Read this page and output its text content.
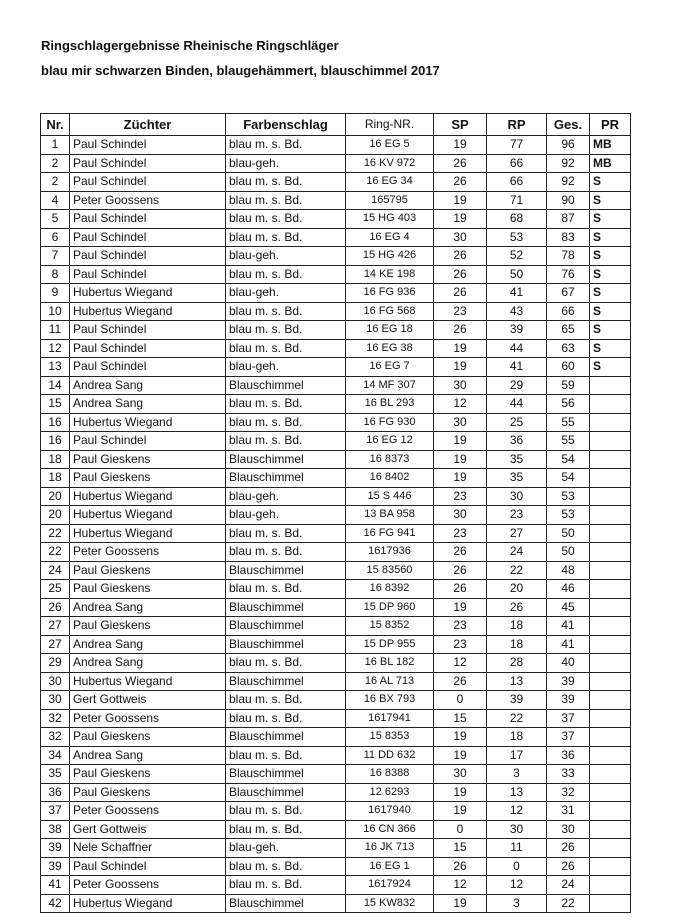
Ringschlagergebnisse Rheinische Ringschläger
blau mir schwarzen Binden, blaugehämmert, blauschimmel 2017
Nr.	Züchter	Farbenschlag	Ring-NR.	SP	RP	Ges.	PR
1	Paul Schindel	blau m. s. Bd.	16 EG 5	19	77	96	MB
2	Paul Schindel	blau-geh.	16 KV 972	26	66	92	MB
2	Paul Schindel	blau m. s. Bd.	16 EG 34	26	66	92	S
4	Peter Goossens	blau m. s. Bd.	165795	19	71	90	S
5	Paul Schindel	blau m. s. Bd.	15 HG 403	19	68	87	S
6	Paul Schindel	blau m. s. Bd.	16 EG 4	30	53	83	S
7	Paul Schindel	blau-geh.	15 HG 426	26	52	78	S
8	Paul Schindel	blau m. s. Bd.	14 KE 198	26	50	76	S
9	Hubertus Wiegand	blau-geh.	16 FG 936	26	41	67	S
10	Hubertus Wiegand	blau m. s. Bd.	16 FG 568	23	43	66	S
11	Paul Schindel	blau m. s. Bd.	16 EG 18	26	39	65	S
12	Paul Schindel	blau m. s. Bd.	16 EG 38	19	44	63	S
13	Paul Schindel	blau-geh.	16 EG 7	19	41	60	S
14	Andrea Sang	Blauschimmel	14 MF 307	30	29	59	
15	Andrea Sang	blau m. s. Bd.	16 BL 293	12	44	56	
16	Hubertus Wiegand	blau m. s. Bd.	16 FG 930	30	25	55	
16	Paul Schindel	blau m. s. Bd.	16 EG 12	19	36	55	
18	Paul Gieskens	Blauschimmel	16 8373	19	35	54	
18	Paul Gieskens	Blauschimmel	16 8402	19	35	54	
20	Hubertus Wiegand	blau-geh.	15 S 446	23	30	53	
20	Hubertus Wiegand	blau-geh.	13 BA 958	30	23	53	
22	Hubertus Wiegand	blau m. s. Bd.	16 FG 941	23	27	50	
22	Peter Goossens	blau m. s. Bd.	1617936	26	24	50	
24	Paul Gieskens	Blauschimmel	15 83560	26	22	48	
25	Paul Gieskens	blau m. s. Bd.	16 8392	26	20	46	
26	Andrea Sang	Blauschimmel	15 DP 960	19	26	45	
27	Paul Gieskens	Blauschimmel	15 8352	23	18	41	
27	Andrea Sang	Blauschimmel	15 DP 955	23	18	41	
29	Andrea Sang	blau m. s. Bd.	16 BL 182	12	28	40	
30	Hubertus Wiegand	Blauschimmel	16 AL 713	26	13	39	
30	Gert Gottweis	blau m. s. Bd.	16 BX 793	0	39	39	
32	Peter Goossens	blau m. s. Bd.	1617941	15	22	37	
32	Paul Gieskens	Blauschimmel	15 8353	19	18	37	
34	Andrea Sang	blau m. s. Bd.	11 DD 632	19	17	36	
35	Paul Gieskens	Blauschimmel	16 8388	30	3	33	
36	Paul Gieskens	Blauschimmel	12 6293	19	13	32	
37	Peter Goossens	blau m. s. Bd.	1617940	19	12	31	
38	Gert Gottweis	blau m. s. Bd.	16 CN 366	0	30	30	
39	Nele Schaffner	blau-geh.	16 JK 713	15	11	26	
39	Paul Schindel	blau m. s. Bd.	16 EG 1	26	0	26	
41	Peter Goossens	blau m. s. Bd.	1617924	12	12	24	
42	Hubertus Wiegand	Blauschimmel	15 KW832	19	3	22	
